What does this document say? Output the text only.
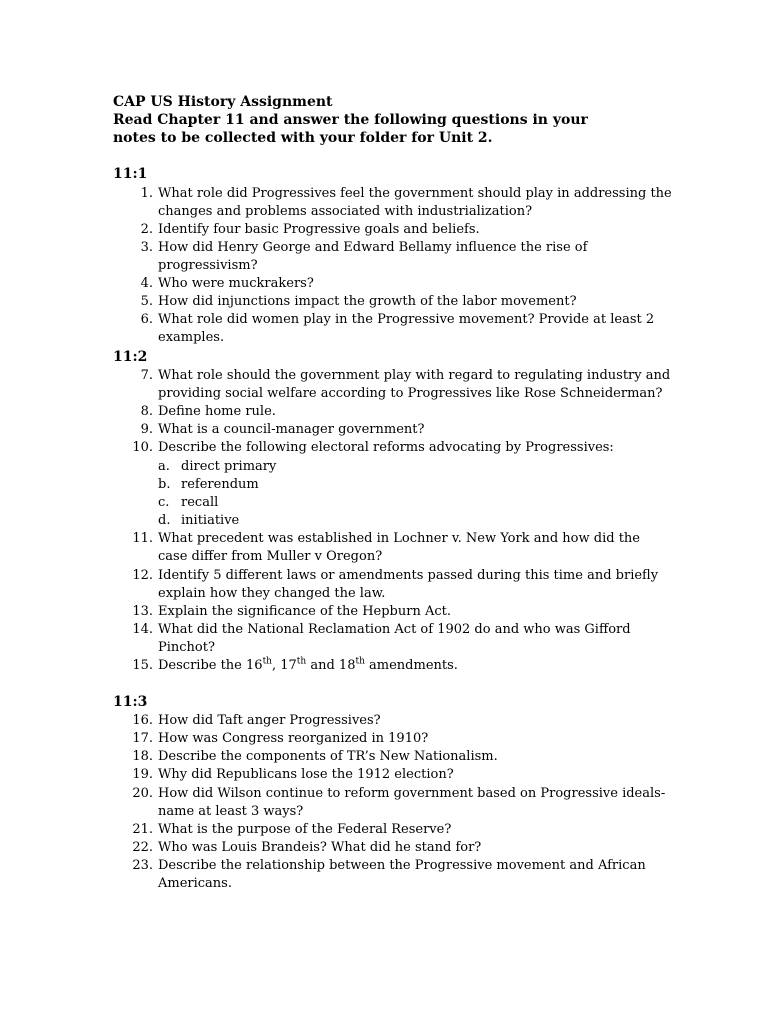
CAP US History Assignment
Read Chapter 11 and answer the following questions in your notes to be collected with your folder for Unit 2.
11:1
1. What role did Progressives feel the government should play in addressing the changes and problems associated with industrialization?
2. Identify four basic Progressive goals and beliefs.
3. How did Henry George and Edward Bellamy influence the rise of progressivism?
4. Who were muckrakers?
5. How did injunctions impact the growth of the labor movement?
6. What role did women play in the Progressive movement? Provide at least 2 examples.
11:2
7. What role should the government play with regard to regulating industry and providing social welfare according to Progressives like Rose Schneiderman?
8. Define home rule.
9. What is a council-manager government?
10. Describe the following electoral reforms advocating by Progressives:
a. direct primary
b. referendum
c. recall
d. initiative
11. What precedent was established in Lochner v. New York and how did the case differ from Muller v Oregon?
12. Identify 5 different laws or amendments passed during this time and briefly explain how they changed the law.
13. Explain the significance of the Hepburn Act.
14. What did the National Reclamation Act of 1902 do and who was Gifford Pinchot?
15. Describe the 16th, 17th and 18th amendments.
11:3
16. How did Taft anger Progressives?
17. How was Congress reorganized in 1910?
18. Describe the components of TR’s New Nationalism.
19. Why did Republicans lose the 1912 election?
20. How did Wilson continue to reform government based on Progressive ideals-name at least 3 ways?
21. What is the purpose of the Federal Reserve?
22. Who was Louis Brandeis? What did he stand for?
23. Describe the relationship between the Progressive movement and African Americans.
